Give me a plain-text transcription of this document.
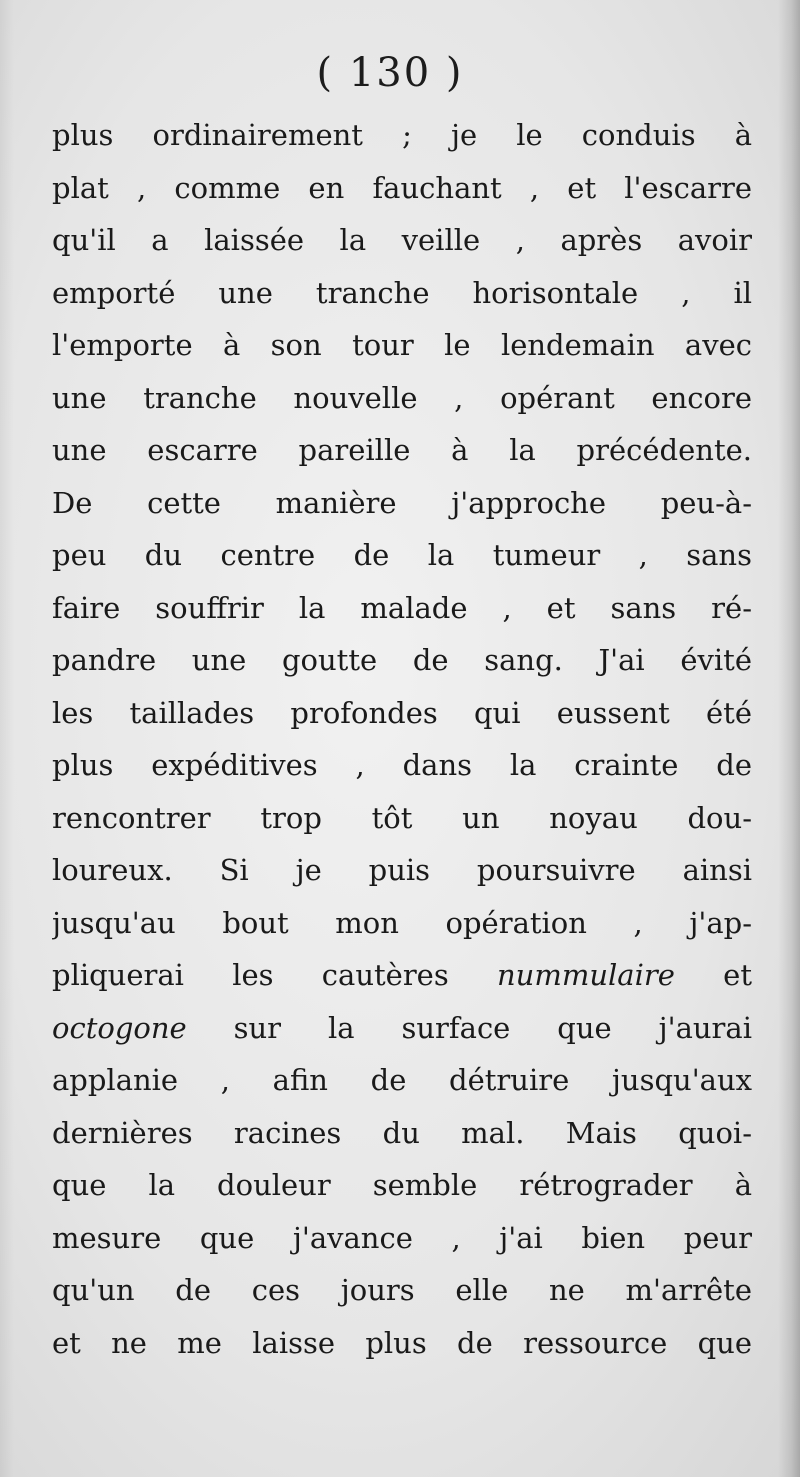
( 130 )
plus ordinairement ; je le conduis à
plat , comme en fauchant , et l'escarre
qu'il a laissée la veille , après avoir
emporté une tranche horisontale , il
l'emporte à son tour le lendemain avec
une tranche nouvelle , opérant encore
une escarre pareille à la précédente.
De cette manière j'approche peu-à-
peu du centre de la tumeur , sans
faire souffrir la malade , et sans ré-
pandre une goutte de sang. J'ai évité
les taillades profondes qui eussent été
plus expéditives , dans la crainte de
rencontrer trop tôt un noyau dou-
loureux. Si je puis poursuivre ainsi
jusqu'au bout mon opération , j'ap-
pliquerai les cautères nummulaire et
octogone sur la surface que j'aurai
applanie , afin de détruire jusqu'aux
dernières racines du mal. Mais quoi-
que la douleur semble rétrograder à
mesure que j'avance , j'ai bien peur
qu'un de ces jours elle ne m'arrête
et ne me laisse plus de ressource que
